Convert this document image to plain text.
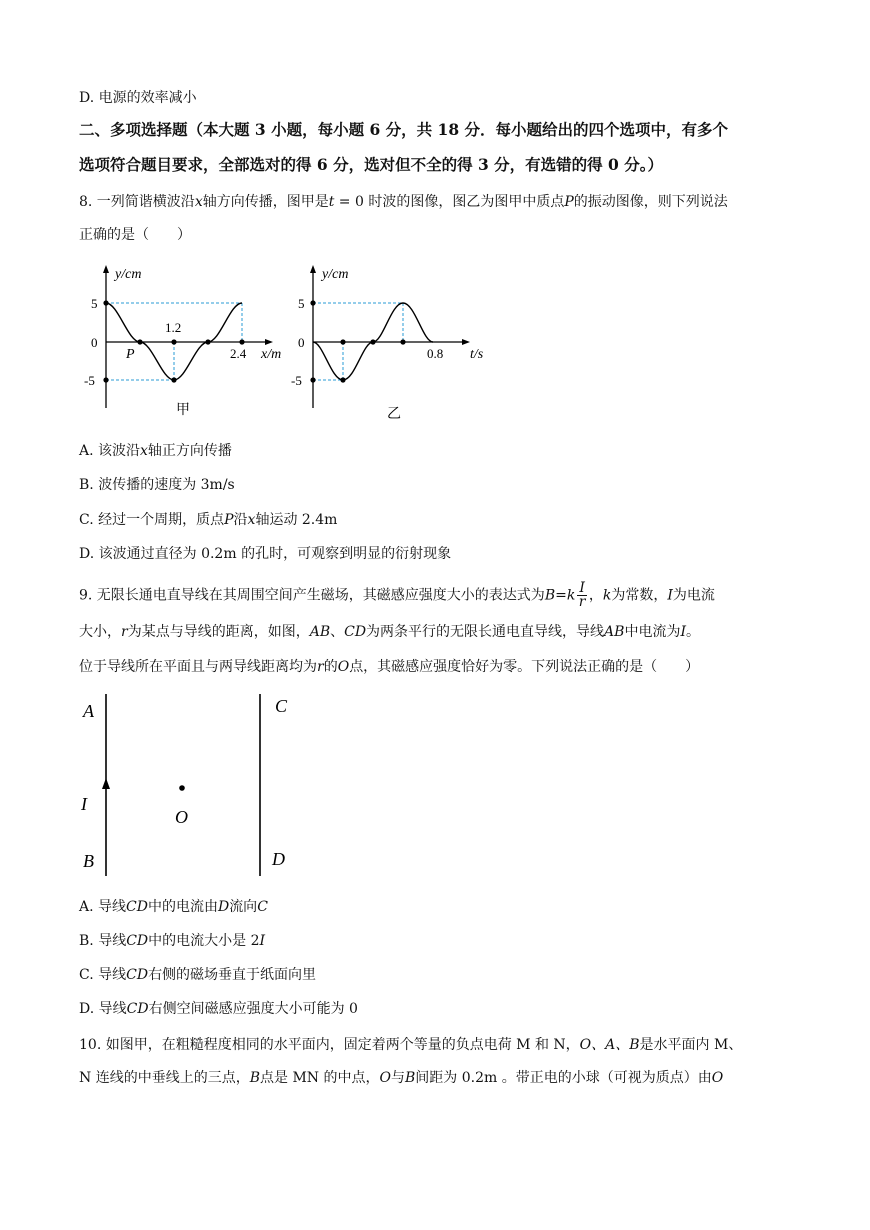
D. 电源的效率减小
二、多项选择题（本大题 3 小题，每小题 6 分，共 18 分．每小题给出的四个选项中，有多个
选项符合题目要求，全部选对的得 6 分，选对但不全的得 3 分，有选错的得 0 分。）
8. 一列简谐横波沿x轴方向传播，图甲是t = 0 时波的图像，图乙为图甲中质点P的振动图像，则下列说法
正确的是（　　）
y/cm
5
0
-5
1.2
2.4
P	x/m
甲
y/cm
5
0
-5
0.8 t/s
乙
A. 该波沿x轴正方向传播
B. 波传播的速度为 3m/s
C. 经过一个周期，质点P沿x轴运动 2.4m
D. 该波通过直径为 0.2m 的孔时，可观察到明显的衍射现象
9. 无限长通电直导线在其周围空间产生磁场，其磁感应强度大小的表达式为$B=k \frac{I}{r}$ ，k为常数，I为电流
大小，r为某点与导线的距离，如图，AB、CD为两条平行的无限长通电直导线，导线AB中电流为I。
位于导线所在平面且与两导线距离均为r的O点，其磁感应强度恰好为零。下列说法正确的是（　　）
A
I
B
C
D
O
A. 导线CD中的电流由D流向C
B. 导线CD中的电流大小是 2I
C. 导线CD右侧的磁场垂直于纸面向里
D. 导线CD右侧空间磁感应强度大小可能为 0
10. 如图甲，在粗糙程度相同的水平面内，固定着两个等量的负点电荷 M 和 N，O、A、B是水平面内 M、
N 连线的中垂线上的三点，B点是 MN 的中点，O与B间距为 0.2m 。带正电的小球（可视为质点）由O
